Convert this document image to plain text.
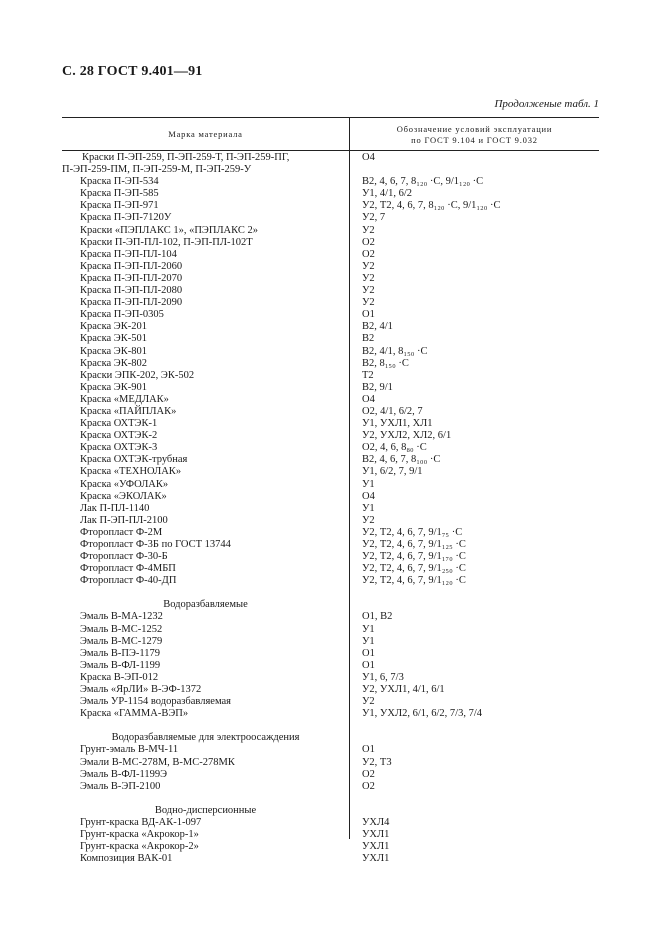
С. 28 ГОСТ 9.401—91
Продолженые табл. 1
Марка материала	Обозначение условий эксплуатации
по ГОСТ 9.104 и ГОСТ 9.032
Краски П-ЭП-259, П-ЭП-259-Т, П-ЭП-259-ПГ,
П-ЭП-259-ПМ, П-ЭП-259-М, П-ЭП-259-У
О4
Краска П-ЭП-534	В2, 4, 6, 7, 8₁₂₀ ·С, 9/1₁₂₀ ·С
Краска П-ЭП-585	У1, 4/1, 6/2
Краска П-ЭП-971	У2, Т2, 4, 6, 7, 8₁₂₀ ·С, 9/1₁₂₀ ·С
Краска П-ЭП-7120У	У2, 7
Краски «ПЭПЛАКС 1», «ПЭПЛАКС 2»	У2
Краски П-ЭП-ПЛ-102, П-ЭП-ПЛ-102Т	О2
Краска П-ЭП-ПЛ-104	О2
Краска П-ЭП-ПЛ-2060	У2
Краска П-ЭП-ПЛ-2070	У2
Краска П-ЭП-ПЛ-2080	У2
Краска П-ЭП-ПЛ-2090	У2
Краска П-ЭП-0305	О1
Краска ЭК-201	В2, 4/1
Краска ЭК-501	В2
Краска ЭК-801	В2, 4/1, 8₁₅₀ ·С
Краска ЭК-802	В2, 8₁₅₀ ·С
Краски ЭПК-202, ЭК-502	Т2
Краска ЭК-901	В2, 9/1
Краска «МЕДЛАК»	О4
Краска «ПАЙПЛАК»	О2, 4/1, 6/2, 7
Краска ОХТЭК-1	У1, УХЛ1, ХЛ1
Краска ОХТЭК-2	У2, УХЛ2, ХЛ2, 6/1
Краска ОХТЭК-3	О2, 4, 6, 8₈₀ ·С
Краска ОХТЭК-трубная	В2, 4, 6, 7, 8₁₀₀ ·С
Краска «ТЕХНОЛАК»	У1, 6/2, 7, 9/1
Краска «УФОЛАК»	У1
Краска «ЭКОЛАК»	О4
Лак П-ПЛ-1140	У1
Лак П-ЭП-ПЛ-2100	У2
Фторопласт Ф-2М	У2, Т2, 4, 6, 7, 9/1₇₅ ·С
Фторопласт Ф-3Б по ГОСТ 13744	У2, Т2, 4, 6, 7, 9/1₁₂₅ ·С
Фторопласт Ф-30-Б	У2, Т2, 4, 6, 7, 9/1₁₇₀ ·С
Фторопласт Ф-4МБП	У2, Т2, 4, 6, 7, 9/1₂₅₀ ·С
Фторопласт Ф-40-ДП	У2, Т2, 4, 6, 7, 9/1₁₂₀ ·С
Водоразбавляемые
Эмаль В-МА-1232	О1, В2
Эмаль В-МС-1252	У1
Эмаль В-МС-1279	У1
Эмаль В-ПЭ-1179	О1
Эмаль В-ФЛ-1199	О1
Краска В-ЭП-012	У1, 6, 7/3
Эмаль «ЯрЛИ» В-ЭФ-1372	У2, УХЛ1, 4/1, 6/1
Эмаль УР-1154 водоразбавляемая	У2
Краска «ГАММА-ВЭП»	У1, УХЛ2, 6/1, 6/2, 7/3, 7/4
Водоразбавляемые для электроосаждения
Грунт-эмаль В-МЧ-11	О1
Эмали В-МС-278М, В-МС-278МК	У2, Т3
Эмаль В-ФЛ-1199Э	О2
Эмаль В-ЭП-2100	О2
Водно-дисперсионные
Грунт-краска ВД-АК-1-097	УХЛ4
Грунт-краска «Акрокор-1»	УХЛ1
Грунт-краска «Акрокор-2»	УХЛ1
Композиция ВАК-01	УХЛ1
